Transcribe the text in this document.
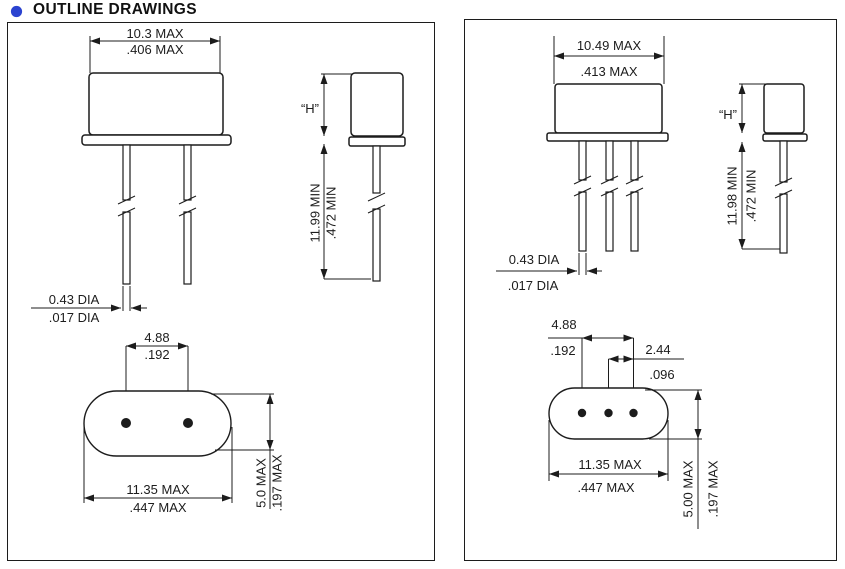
OUTLINE DRAWINGS
10.3 MAX
.406 MAX
0.43 DIA
.017 DIA
“H”
11.99 MIN .472 MIN
4.88
.192
5.0 MAX .197 MAX
11.35 MAX
.447 MAX
10.49 MAX
.413 MAX
0.43 DIA
.017 DIA
“H”
11.98 MIN .472 MIN
4.88
.192	2.44
.096
11.35 MAX
.447 MAX	5.00 MAX .197 MAX
